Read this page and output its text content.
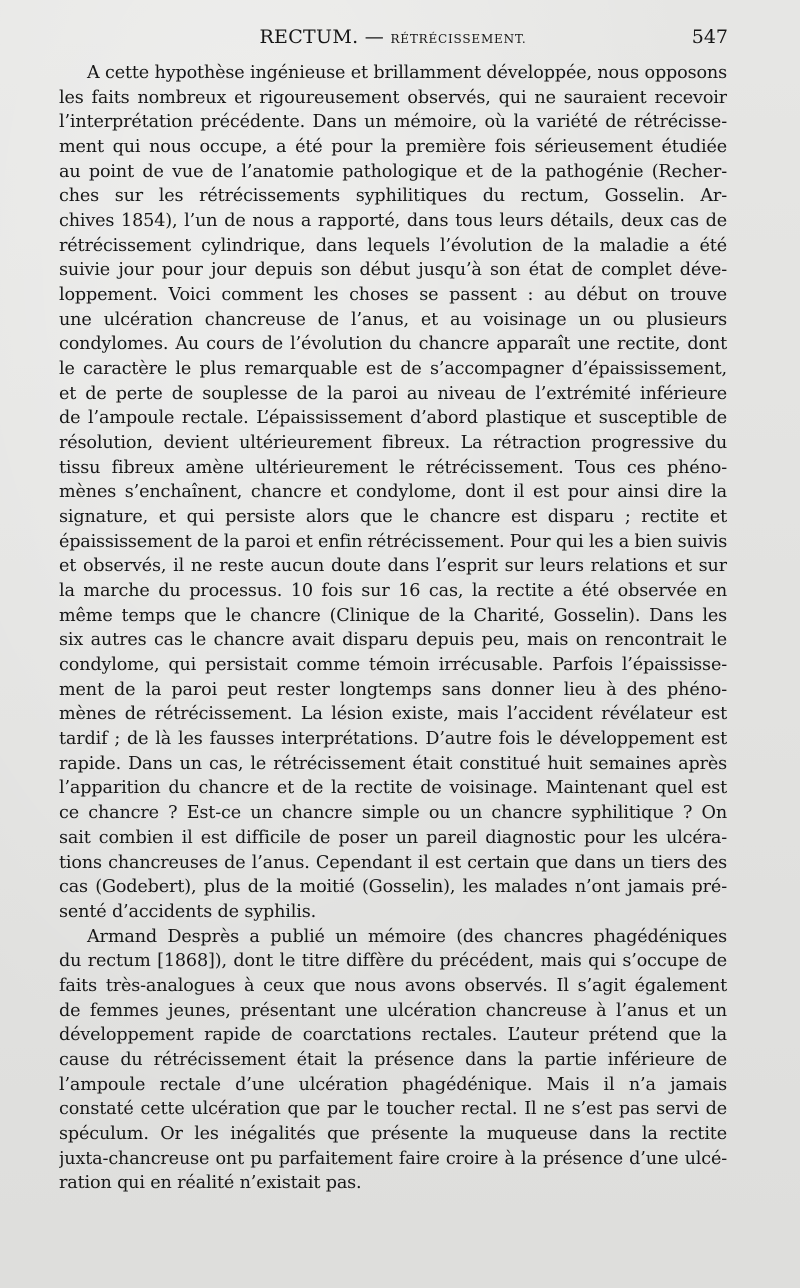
RECTUM. — RÉTRÉCISSEMENT.	547
A cette hypothèse ingénieuse et brillamment développée, nous opposons
les faits nombreux et rigoureusement observés, qui ne sauraient recevoir
l’interprétation précédente. Dans un mémoire, où la variété de rétrécisse-
ment qui nous occupe, a été pour la première fois sérieusement étudiée
au point de vue de l’anatomie pathologique et de la pathogénie (Recher-
ches sur les rétrécissements syphilitiques du rectum, Gosselin. Ar-
chives 1854), l’un de nous a rapporté, dans tous leurs détails, deux cas de
rétrécissement cylindrique, dans lequels l’évolution de la maladie a été
suivie jour pour jour depuis son début jusqu’à son état de complet déve-
loppement. Voici comment les choses se passent : au début on trouve
une ulcération chancreuse de l’anus, et au voisinage un ou plusieurs
condylomes. Au cours de l’évolution du chancre apparaît une rectite, dont
le caractère le plus remarquable est de s’accompagner d’épaississement,
et de perte de souplesse de la paroi au niveau de l’extrémité inférieure
de l’ampoule rectale. L’épaississement d’abord plastique et susceptible de
résolution, devient ultérieurement fibreux. La rétraction progressive du
tissu fibreux amène ultérieurement le rétrécissement. Tous ces phéno-
mènes s’enchaînent, chancre et condylome, dont il est pour ainsi dire la
signature, et qui persiste alors que le chancre est disparu ; rectite et
épaississement de la paroi et enfin rétrécissement. Pour qui les a bien suivis
et observés, il ne reste aucun doute dans l’esprit sur leurs relations et sur
la marche du processus. 10 fois sur 16 cas, la rectite a été observée en
même temps que le chancre (Clinique de la Charité, Gosselin). Dans les
six autres cas le chancre avait disparu depuis peu, mais on rencontrait le
condylome, qui persistait comme témoin irrécusable. Parfois l’épaississe-
ment de la paroi peut rester longtemps sans donner lieu à des phéno-
mènes de rétrécissement. La lésion existe, mais l’accident révélateur est
tardif ; de là les fausses interprétations. D’autre fois le développement est
rapide. Dans un cas, le rétrécissement était constitué huit semaines après
l’apparition du chancre et de la rectite de voisinage. Maintenant quel est
ce chancre ? Est-ce un chancre simple ou un chancre syphilitique ? On
sait combien il est difficile de poser un pareil diagnostic pour les ulcéra-
tions chancreuses de l’anus. Cependant il est certain que dans un tiers des
cas (Godebert), plus de la moitié (Gosselin), les malades n’ont jamais pré-
senté d’accidents de syphilis.
Armand Desprès a publié un mémoire (des chancres phagédéniques
du rectum [1868]), dont le titre diffère du précédent, mais qui s’occupe de
faits très-analogues à ceux que nous avons observés. Il s’agit également
de femmes jeunes, présentant une ulcération chancreuse à l’anus et un
développement rapide de coarctations rectales. L’auteur prétend que la
cause du rétrécissement était la présence dans la partie inférieure de
l’ampoule rectale d’une ulcération phagédénique. Mais il n’a jamais
constaté cette ulcération que par le toucher rectal. Il ne s’est pas servi de
spéculum. Or les inégalités que présente la muqueuse dans la rectite
juxta-chancreuse ont pu parfaitement faire croire à la présence d’une ulcé-
ration qui en réalité n’existait pas.
